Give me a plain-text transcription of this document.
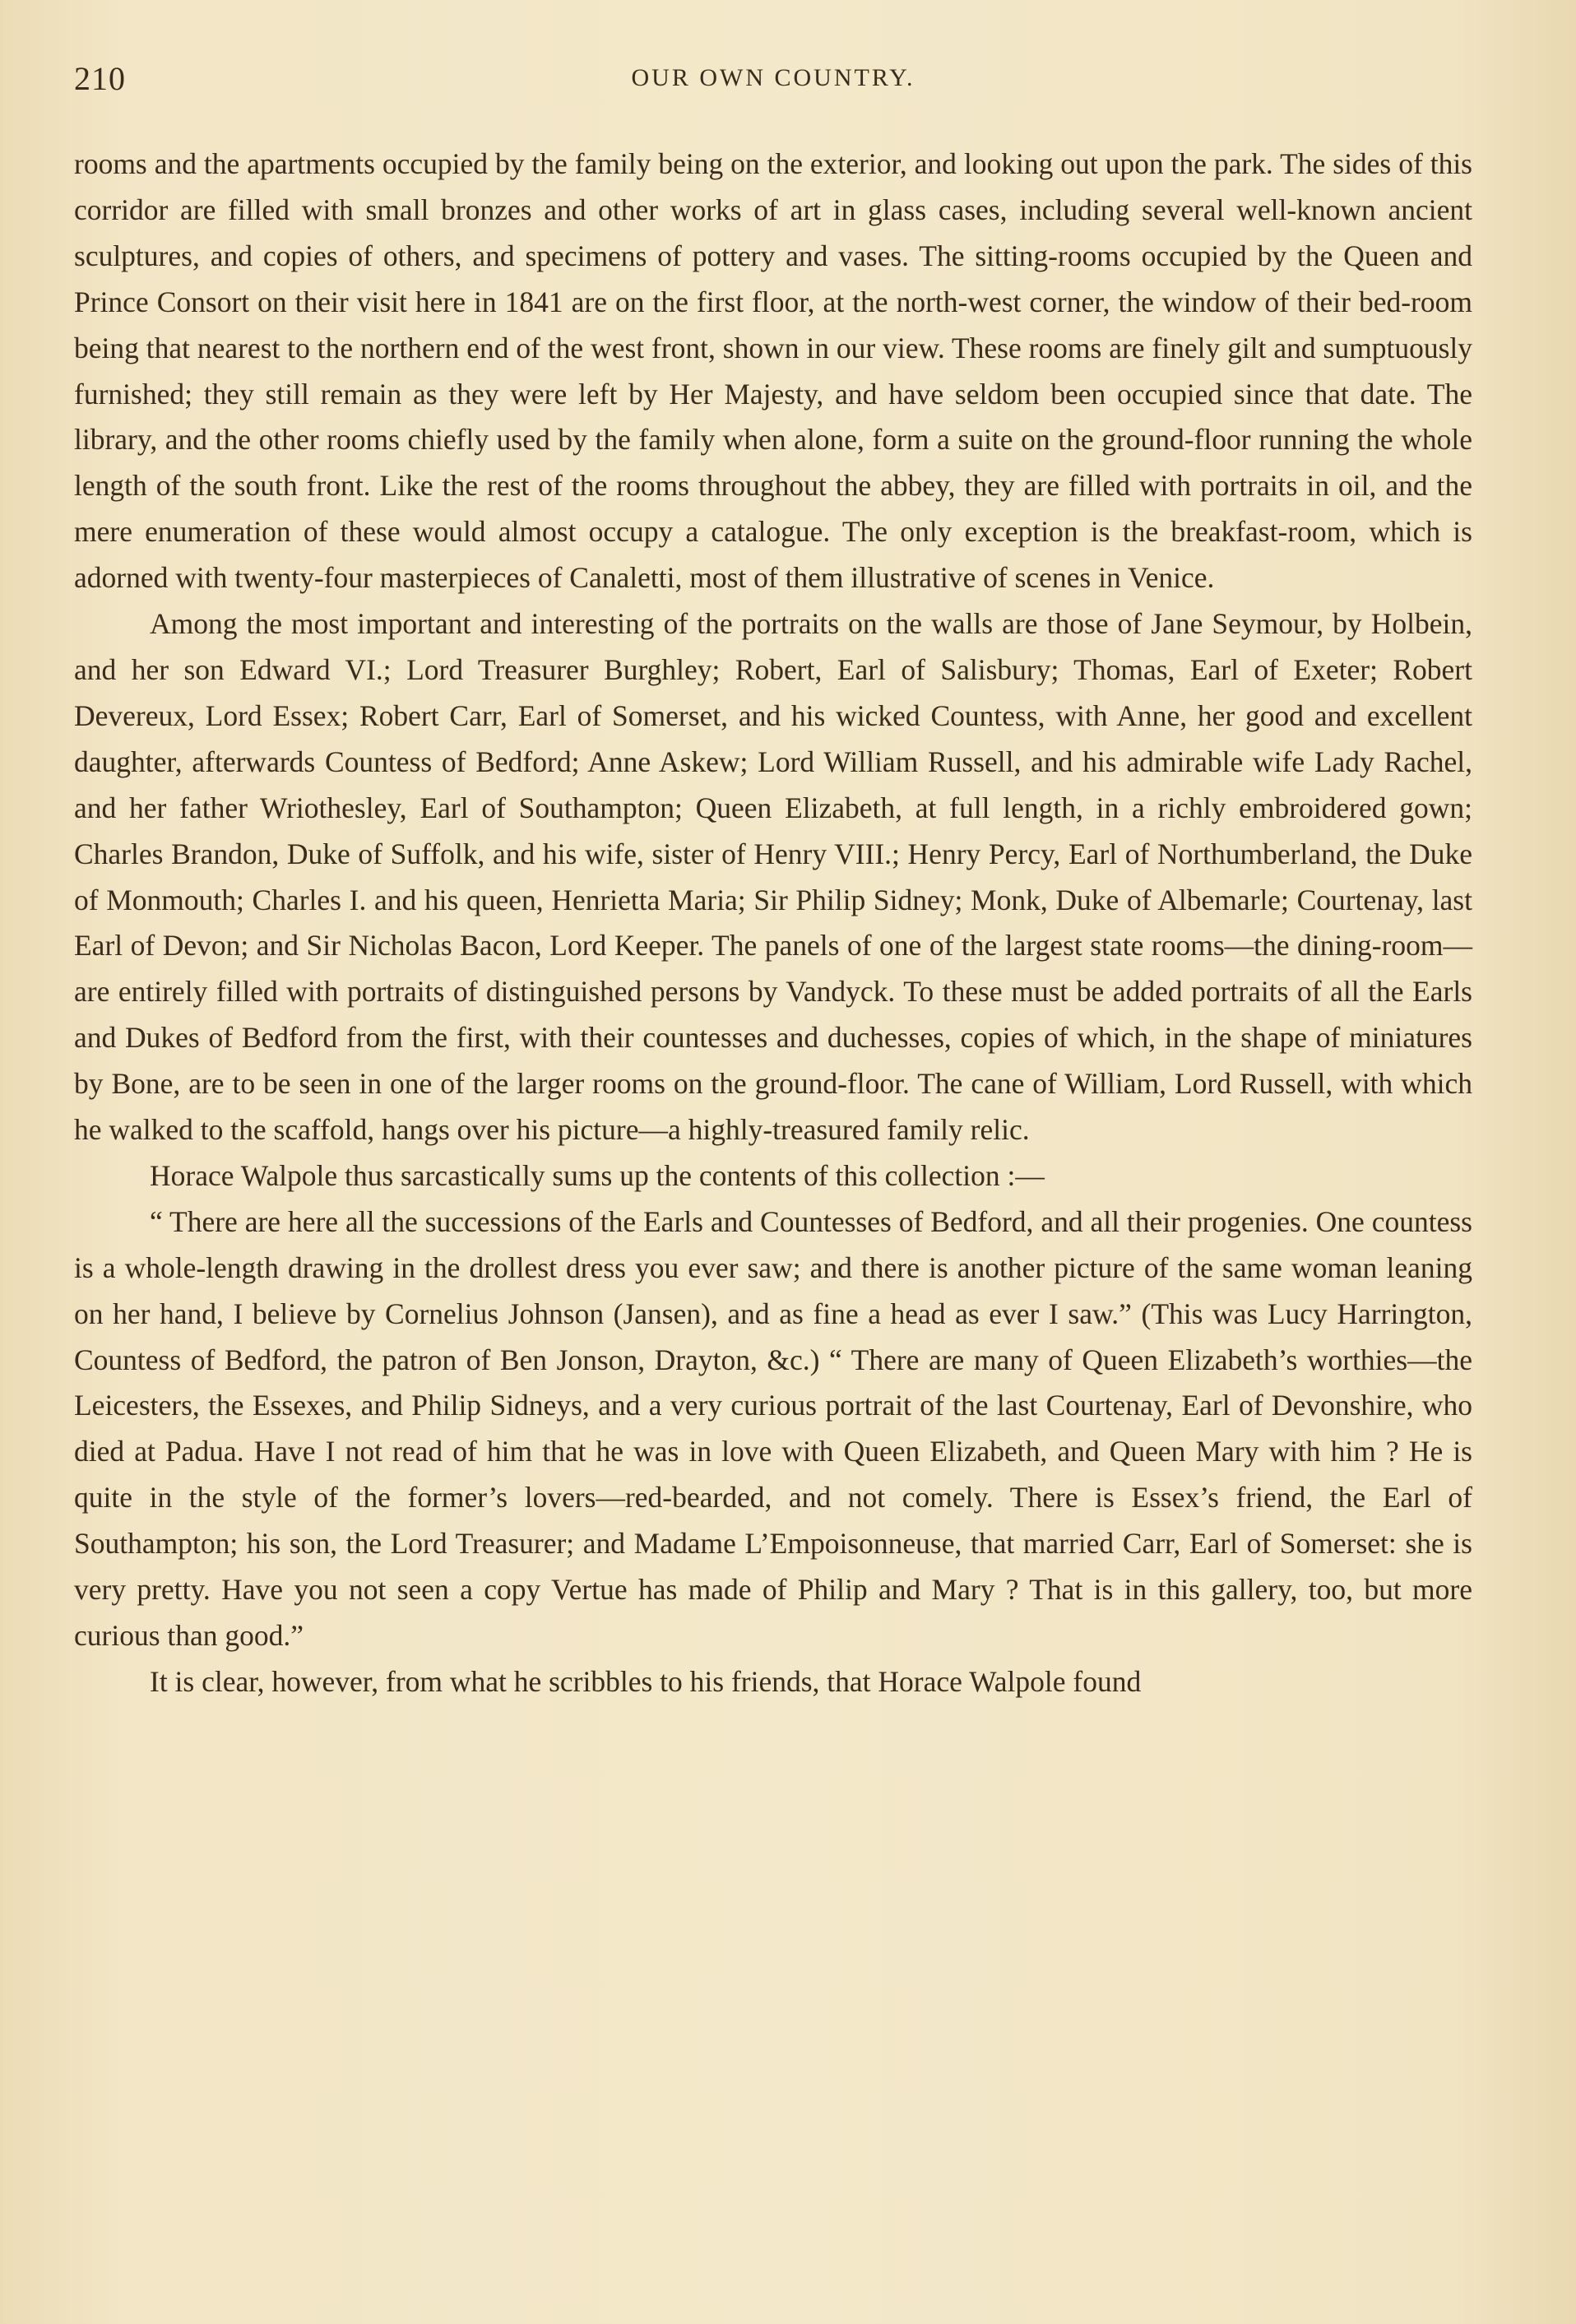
210	OUR OWN COUNTRY.

rooms and the apartments occupied by the family being on the exterior, and looking out upon the park. The sides of this corridor are filled with small bronzes and other works of art in glass cases, including several well-known ancient sculptures, and copies of others, and specimens of pottery and vases. The sitting-rooms occupied by the Queen and Prince Consort on their visit here in 1841 are on the first floor, at the north-west corner, the window of their bed-room being that nearest to the northern end of the west front, shown in our view. These rooms are finely gilt and sumptuously furnished; they still remain as they were left by Her Majesty, and have seldom been occupied since that date. The library, and the other rooms chiefly used by the family when alone, form a suite on the ground-floor running the whole length of the south front. Like the rest of the rooms throughout the abbey, they are filled with portraits in oil, and the mere enumeration of these would almost occupy a catalogue. The only exception is the breakfast-room, which is adorned with twenty-four masterpieces of Canaletti, most of them illustrative of scenes in Venice.

Among the most important and interesting of the portraits on the walls are those of Jane Seymour, by Holbein, and her son Edward VI.; Lord Treasurer Burghley; Robert, Earl of Salisbury; Thomas, Earl of Exeter; Robert Devereux, Lord Essex; Robert Carr, Earl of Somerset, and his wicked Countess, with Anne, her good and excellent daughter, afterwards Countess of Bedford; Anne Askew; Lord William Russell, and his admirable wife Lady Rachel, and her father Wriothesley, Earl of Southampton; Queen Elizabeth, at full length, in a richly embroidered gown; Charles Brandon, Duke of Suffolk, and his wife, sister of Henry VIII.; Henry Percy, Earl of Northumberland, the Duke of Monmouth; Charles I. and his queen, Henrietta Maria; Sir Philip Sidney; Monk, Duke of Albemarle; Courtenay, last Earl of Devon; and Sir Nicholas Bacon, Lord Keeper. The panels of one of the largest state rooms—the dining-room—are entirely filled with portraits of distinguished persons by Vandyck. To these must be added portraits of all the Earls and Dukes of Bedford from the first, with their countesses and duchesses, copies of which, in the shape of miniatures by Bone, are to be seen in one of the larger rooms on the ground-floor. The cane of William, Lord Russell, with which he walked to the scaffold, hangs over his picture—a highly-treasured family relic.

Horace Walpole thus sarcastically sums up the contents of this collection :—

“ There are here all the successions of the Earls and Countesses of Bedford, and all their progenies. One countess is a whole-length drawing in the drollest dress you ever saw; and there is another picture of the same woman leaning on her hand, I believe by Cornelius Johnson (Jansen), and as fine a head as ever I saw.” (This was Lucy Harrington, Countess of Bedford, the patron of Ben Jonson, Drayton, &c.) “ There are many of Queen Elizabeth’s worthies—the Leicesters, the Essexes, and Philip Sidneys, and a very curious portrait of the last Courtenay, Earl of Devonshire, who died at Padua. Have I not read of him that he was in love with Queen Elizabeth, and Queen Mary with him ? He is quite in the style of the former’s lovers—red-bearded, and not comely. There is Essex’s friend, the Earl of Southampton; his son, the Lord Treasurer; and Madame L’Empoisonneuse, that married Carr, Earl of Somerset: she is very pretty. Have you not seen a copy Vertue has made of Philip and Mary ? That is in this gallery, too, but more curious than good.”

It is clear, however, from what he scribbles to his friends, that Horace Walpole found
